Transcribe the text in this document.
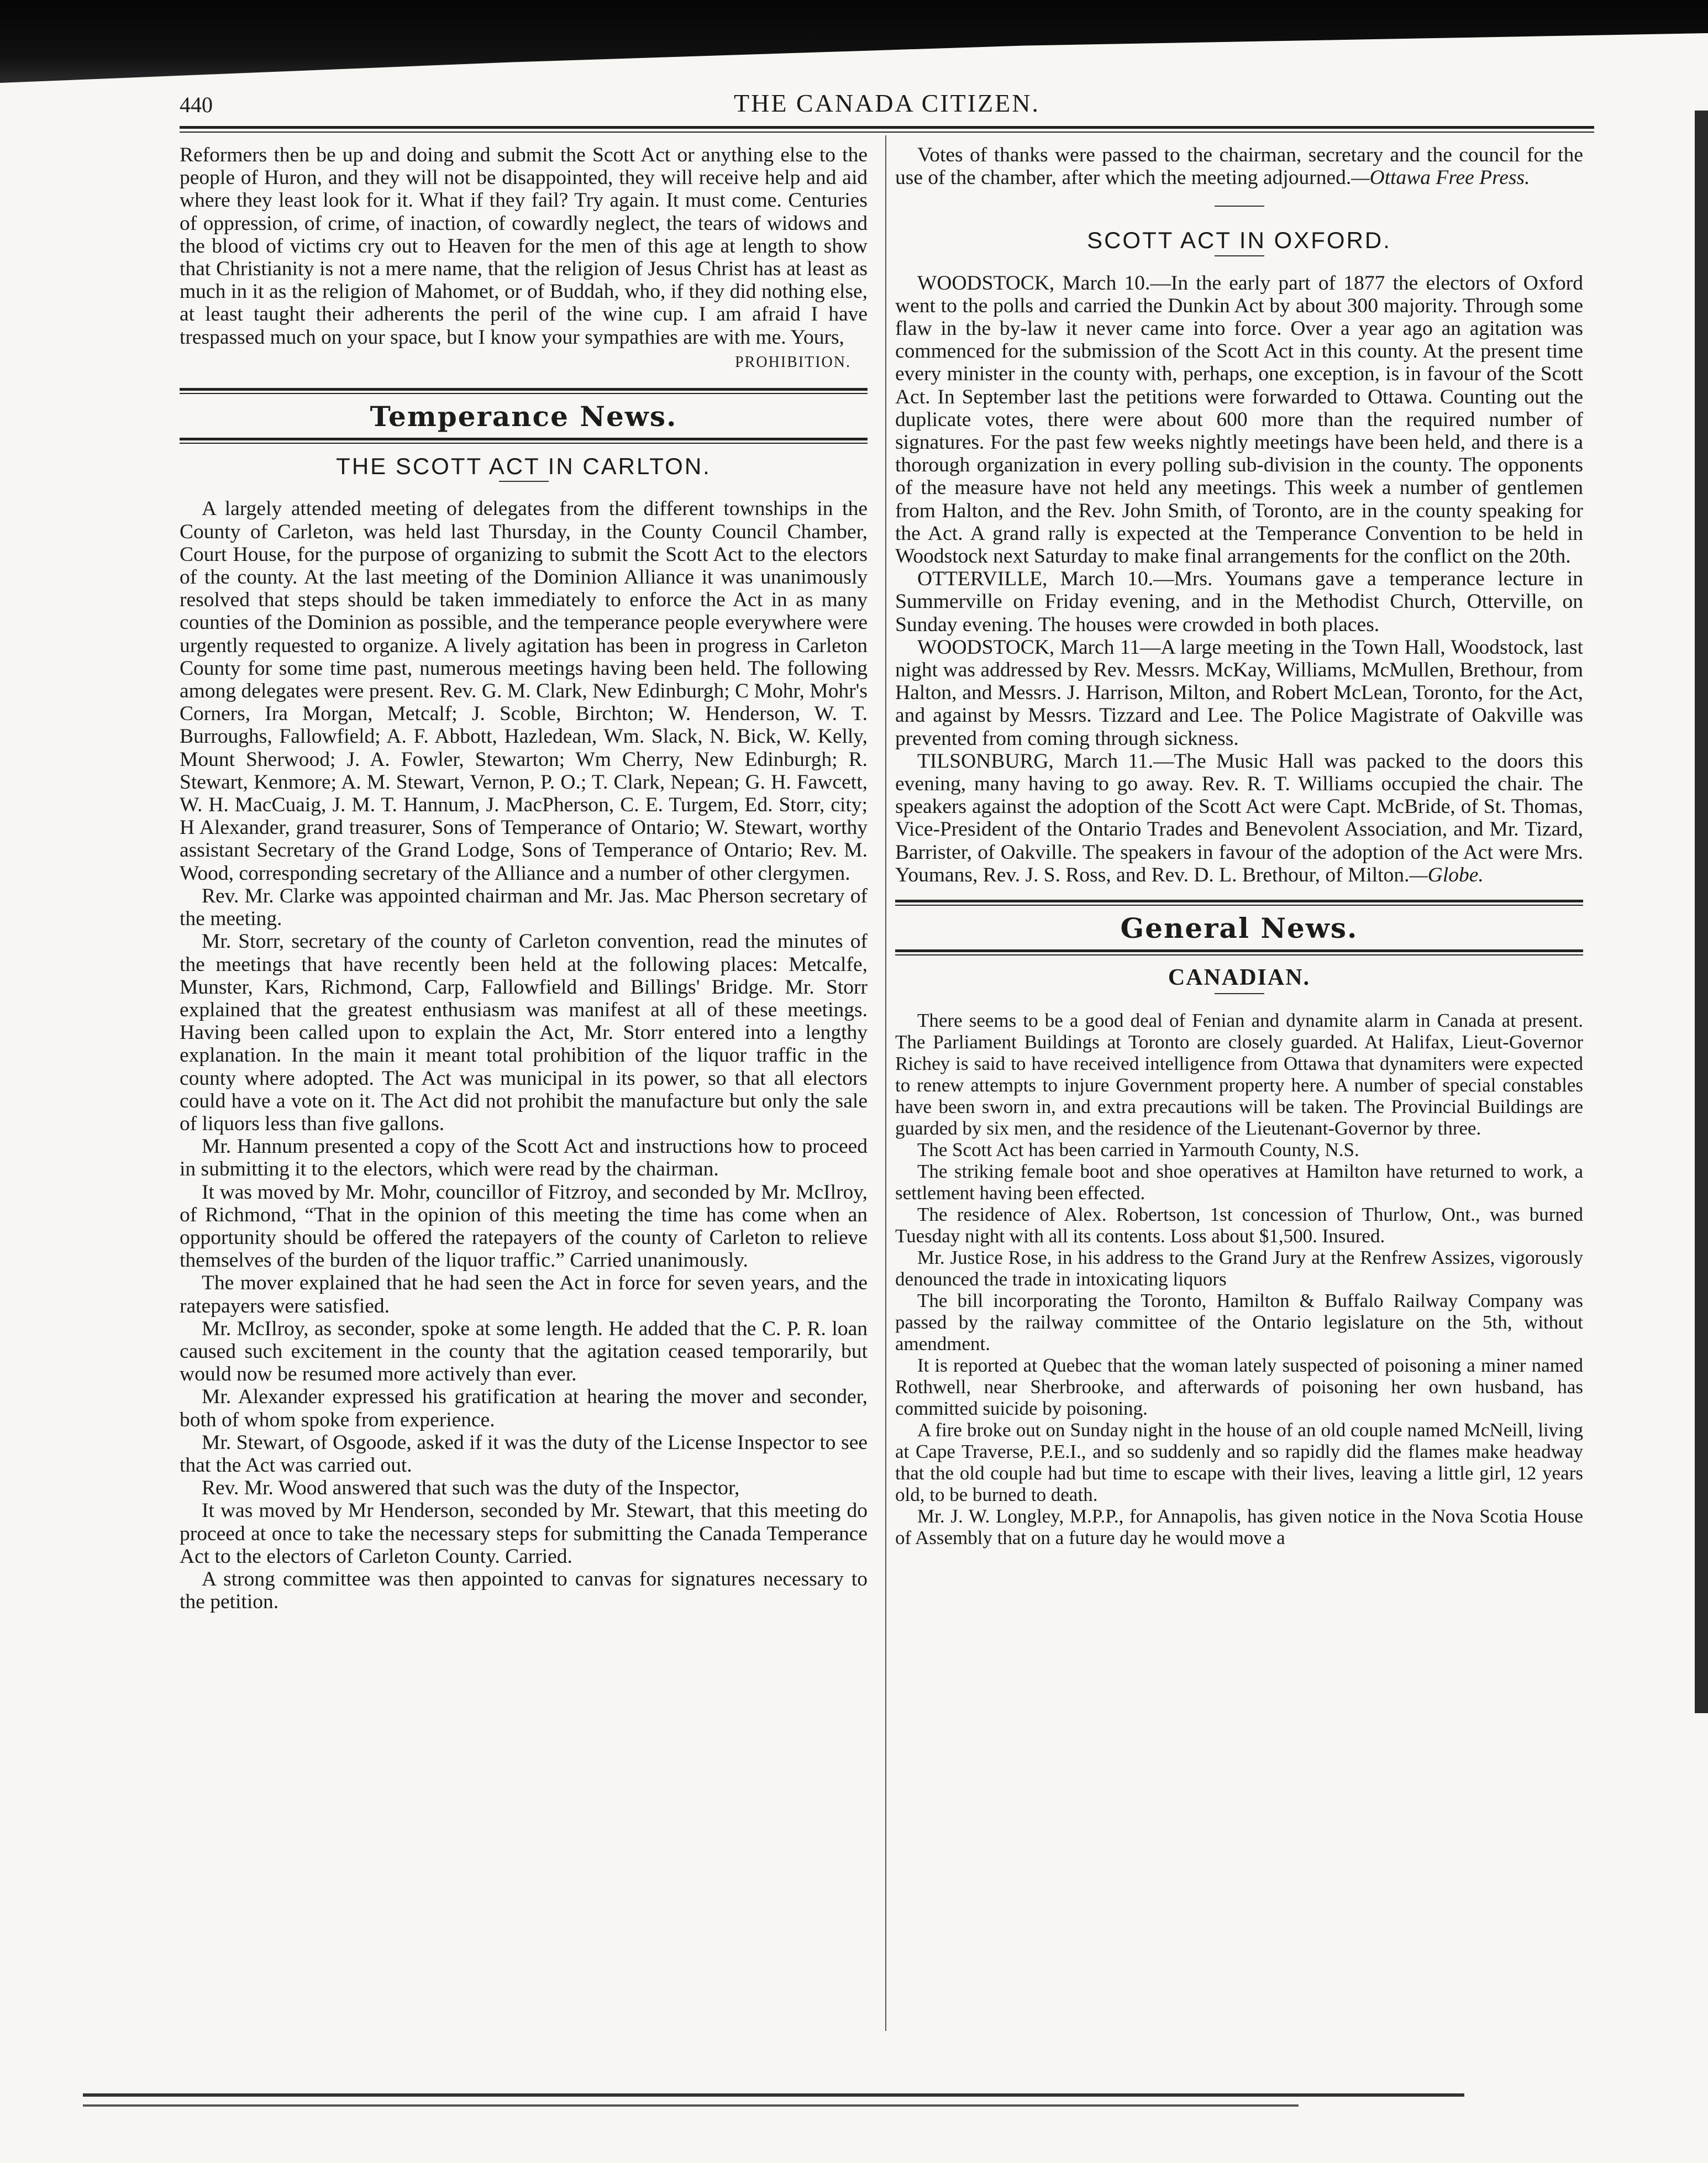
440	THE CANADA CITIZEN.

Reformers then be up and doing and submit the Scott Act or anything else to the people of Huron, and they will not be disappointed, they will receive help and aid where they least look for it. What if they fail? Try again. It must come. Centuries of oppression, of crime, of inaction, of cowardly neglect, the tears of widows and the blood of victims cry out to Heaven for the men of this age at length to show that Christianity is not a mere name, that the religion of Jesus Christ has at least as much in it as the religion of Mahomet, or of Buddah, who, if they did nothing else, at least taught their adherents the peril of the wine cup. I am afraid I have trespassed much on your space, but I know your sympathies are with me. Yours,

PROHIBITION.
Temperance News.
THE SCOTT ACT IN CARLTON.

A largely attended meeting of delegates from the different townships in the County of Carleton, was held last Thursday, in the County Council Chamber, Court House, for the purpose of organizing to submit the Scott Act to the electors of the county. At the last meeting of the Dominion Alliance it was unanimously resolved that steps should be taken immediately to enforce the Act in as many counties of the Dominion as possible, and the temperance people everywhere were urgently requested to organize. A lively agitation has been in progress in Carleton County for some time past, numerous meetings having been held. The following among delegates were present. Rev. G. M. Clark, New Edinburgh; C Mohr, Mohr's Corners, Ira Morgan, Metcalf; J. Scoble, Birchton; W. Henderson, W. T. Burroughs, Fallowfield; A. F. Abbott, Hazledean, Wm. Slack, N. Bick, W. Kelly, Mount Sherwood; J. A. Fowler, Stewarton; Wm Cherry, New Edinburgh; R. Stewart, Kenmore; A. M. Stewart, Vernon, P. O.; T. Clark, Nepean; G. H. Fawcett, W. H. MacCuaig, J. M. T. Hannum, J. MacPherson, C. E. Turgem, Ed. Storr, city; H Alexander, grand treasurer, Sons of Temperance of Ontario; W. Stewart, worthy assistant Secretary of the Grand Lodge, Sons of Temperance of Ontario; Rev. M. Wood, corresponding secretary of the Alliance and a number of other clergymen.

Rev. Mr. Clarke was appointed chairman and Mr. Jas. Mac Pherson secretary of the meeting.

Mr. Storr, secretary of the county of Carleton convention, read the minutes of the meetings that have recently been held at the following places: Metcalfe, Munster, Kars, Richmond, Carp, Fallowfield and Billings' Bridge. Mr. Storr explained that the greatest enthusiasm was manifest at all of these meetings. Having been called upon to explain the Act, Mr. Storr entered into a lengthy explanation. In the main it meant total prohibition of the liquor traffic in the county where adopted. The Act was municipal in its power, so that all electors could have a vote on it. The Act did not prohibit the manufacture but only the sale of liquors less than five gallons.

Mr. Hannum presented a copy of the Scott Act and instructions how to proceed in submitting it to the electors, which were read by the chairman.

It was moved by Mr. Mohr, councillor of Fitzroy, and seconded by Mr. McIlroy, of Richmond, “That in the opinion of this meeting the time has come when an opportunity should be offered the ratepayers of the county of Carleton to relieve themselves of the burden of the liquor traffic.” Carried unanimously.

The mover explained that he had seen the Act in force for seven years, and the ratepayers were satisfied.

Mr. McIlroy, as seconder, spoke at some length. He added that the C. P. R. loan caused such excitement in the county that the agitation ceased temporarily, but would now be resumed more actively than ever.

Mr. Alexander expressed his gratification at hearing the mover and seconder, both of whom spoke from experience.

Mr. Stewart, of Osgoode, asked if it was the duty of the License Inspector to see that the Act was carried out.

Rev. Mr. Wood answered that such was the duty of the Inspector,

It was moved by Mr Henderson, seconded by Mr. Stewart, that this meeting do proceed at once to take the necessary steps for submitting the Canada Temperance Act to the electors of Carleton County. Carried.

A strong committee was then appointed to canvas for signatures necessary to the petition.

Votes of thanks were passed to the chairman, secretary and the council for the use of the chamber, after which the meeting adjourned.—Ottawa Free Press.

SCOTT ACT IN OXFORD.

WOODSTOCK, March 10.—In the early part of 1877 the electors of Oxford went to the polls and carried the Dunkin Act by about 300 majority. Through some flaw in the by-law it never came into force. Over a year ago an agitation was commenced for the submission of the Scott Act in this county. At the present time every minister in the county with, perhaps, one exception, is in favour of the Scott Act. In September last the petitions were forwarded to Ottawa. Counting out the duplicate votes, there were about 600 more than the required number of signatures. For the past few weeks nightly meetings have been held, and there is a thorough organization in every polling sub-division in the county. The opponents of the measure have not held any meetings. This week a number of gentlemen from Halton, and the Rev. John Smith, of Toronto, are in the county speaking for the Act. A grand rally is expected at the Temperance Convention to be held in Woodstock next Saturday to make final arrangements for the conflict on the 20th.

OTTERVILLE, March 10.—Mrs. Youmans gave a temperance lecture in Summerville on Friday evening, and in the Methodist Church, Otterville, on Sunday evening. The houses were crowded in both places.

WOODSTOCK, March 11—A large meeting in the Town Hall, Woodstock, last night was addressed by Rev. Messrs. McKay, Williams, McMullen, Brethour, from Halton, and Messrs. J. Harrison, Milton, and Robert McLean, Toronto, for the Act, and against by Messrs. Tizzard and Lee. The Police Magistrate of Oakville was prevented from coming through sickness.

TILSONBURG, March 11.—The Music Hall was packed to the doors this evening, many having to go away. Rev. R. T. Williams occupied the chair. The speakers against the adoption of the Scott Act were Capt. McBride, of St. Thomas, Vice-President of the Ontario Trades and Benevolent Association, and Mr. Tizard, Barrister, of Oakville. The speakers in favour of the adoption of the Act were Mrs. Youmans, Rev. J. S. Ross, and Rev. D. L. Brethour, of Milton.—Globe.

General News.
CANADIAN.

There seems to be a good deal of Fenian and dynamite alarm in Canada at present. The Parliament Buildings at Toronto are closely guarded. At Halifax, Lieut-Governor Richey is said to have received intelligence from Ottawa that dynamiters were expected to renew attempts to injure Government property here. A number of special constables have been sworn in, and extra precautions will be taken. The Provincial Buildings are guarded by six men, and the residence of the Lieutenant-Governor by three.

The Scott Act has been carried in Yarmouth County, N.S.

The striking female boot and shoe operatives at Hamilton have returned to work, a settlement having been effected.

The residence of Alex. Robertson, 1st concession of Thurlow, Ont., was burned Tuesday night with all its contents. Loss about $1,500. Insured.

Mr. Justice Rose, in his address to the Grand Jury at the Renfrew Assizes, vigorously denounced the trade in intoxicating liquors

The bill incorporating the Toronto, Hamilton & Buffalo Railway Company was passed by the railway committee of the Ontario legislature on the 5th, without amendment.

It is reported at Quebec that the woman lately suspected of poisoning a miner named Rothwell, near Sherbrooke, and afterwards of poisoning her own husband, has committed suicide by poisoning.

A fire broke out on Sunday night in the house of an old couple named McNeill, living at Cape Traverse, P.E.I., and so suddenly and so rapidly did the flames make headway that the old couple had but time to escape with their lives, leaving a little girl, 12 years old, to be burned to death.

Mr. J. W. Longley, M.P.P., for Annapolis, has given notice in the Nova Scotia House of Assembly that on a future day he would move a
